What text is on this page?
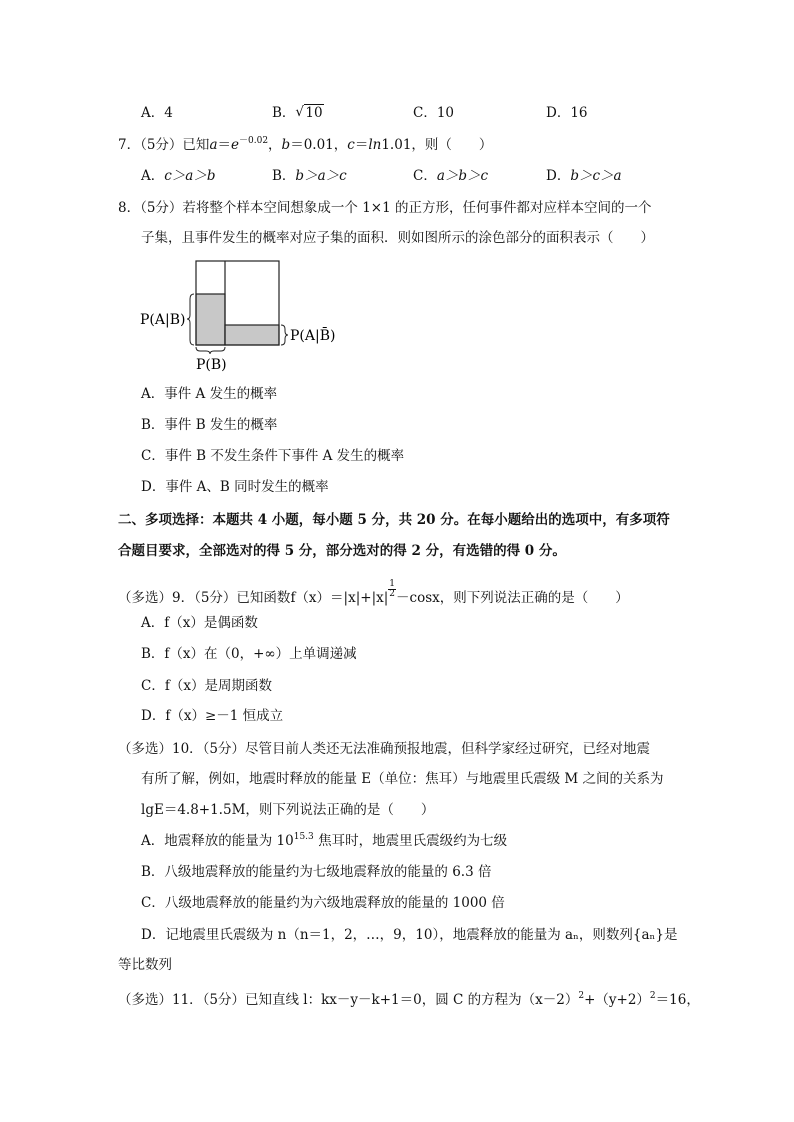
A．4	B．√ 10	C．10	D．16
7．（5分）已知$a=e^{-0.02}$，b＝0.01，c＝ln1.01，则（　　）
A．c＞a＞b	B．b＞a＞c	C．a＞b＞c	D．b＞c＞a
8．（5分）若将整个样本空间想象成一个 1×1 的正方形，任何事件都对应样本空间的一个
子集，且事件发生的概率对应子集的面积．则如图所示的涂色部分的面积表示（　　）
P(A|B)
P(A|B̄)
P(B)
A．事件 A 发生的概率
B．事件 B 发生的概率
C．事件 B 不发生条件下事件 A 发生的概率
D．事件 A、B 同时发生的概率
二、多项选择：本题共 4 小题，每小题 5 分，共 20 分。在每小题给出的选项中，有多项符
合题目要求，全部选对的得 5 分，部分选对的得 2 分，有选错的得 0 分。
（多选）9．（5分）已知函数$f(x)=|x|+|x| \frac{1}{2} -\cos x$，则下列说法正确的是（　　）
A．f（x）是偶函数
B．f（x）在（0，+∞）上单调递减
C．f（x）是周期函数
D．f（x）≥－1 恒成立
（多选）10．（5分）尽管目前人类还无法准确预报地震，但科学家经过研究，已经对地震
有所了解，例如，地震时释放的能量 E（单位：焦耳）与地震里氏震级 M 之间的关系为
lgE＝4.8+1.5M，则下列说法正确的是（　　）
A．地震释放的能量为 $10^{15.3}$ 焦耳时，地震里氏震级约为七级
B．八级地震释放的能量约为七级地震释放的能量的 6.3 倍
C．八级地震释放的能量约为六级地震释放的能量的 1000 倍
D．记地震里氏震级为 n（n＝1，2，…，9，10），地震释放的能量为 aₙ，则数列{aₙ}是
等比数列
（多选）11．（5分）已知直线 l：kx－y－k+1＝0，圆 C 的方程为$(x-2)^2+(y+2)^2=16$，
